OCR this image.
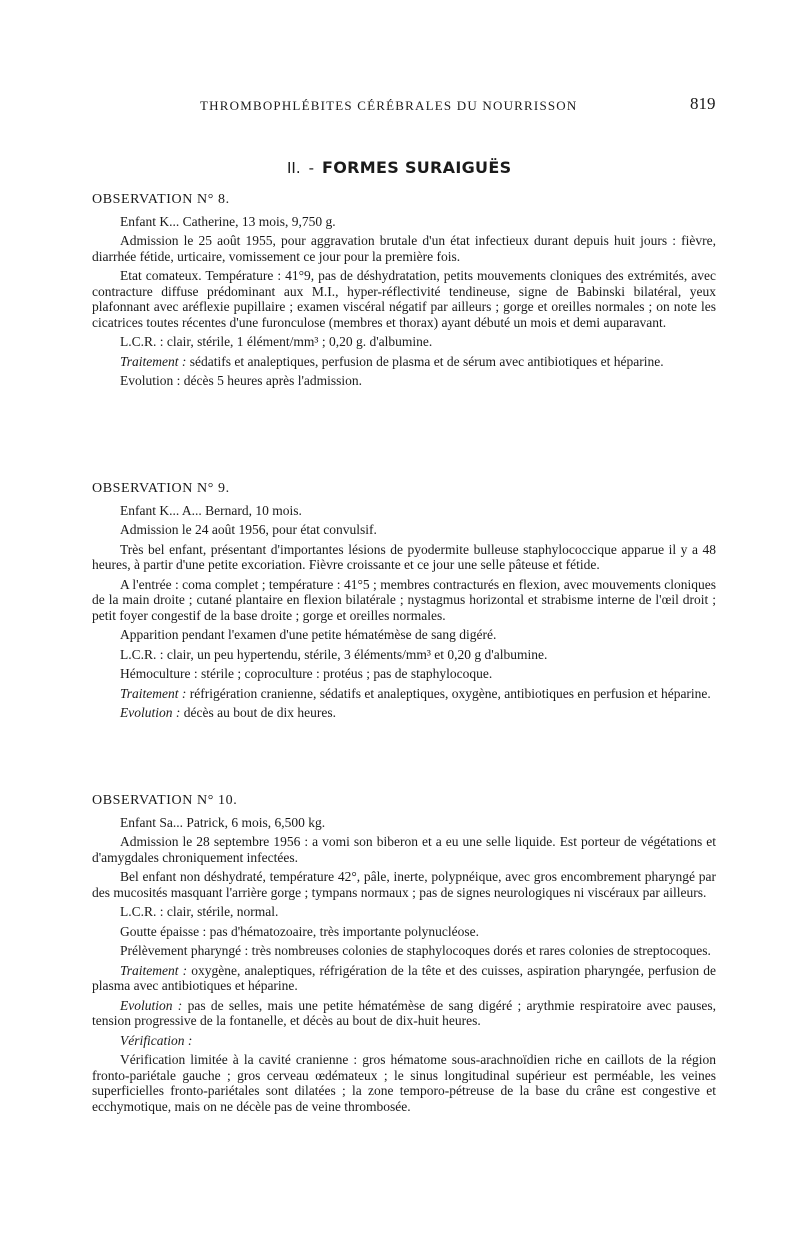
THROMBOPHLÉBITES CÉRÉBRALES DU NOURRISSON	819
II. - FORMES SURAIGUËS
OBSERVATION N° 8.

Enfant K... Catherine, 13 mois, 9,750 g.

Admission le 25 août 1955, pour aggravation brutale d'un état infectieux durant depuis huit jours : fièvre, diarrhée fétide, urticaire, vomissement ce jour pour la première fois.

Etat comateux. Température : 41°9, pas de déshydratation, petits mouvements cloniques des extrémités, avec contracture diffuse prédominant aux M.I., hyper-réflectivité tendineuse, signe de Babinski bilatéral, yeux plafonnant avec aréflexie pupillaire ; examen viscéral négatif par ailleurs ; gorge et oreilles normales ; on note les cicatrices toutes récentes d'une furonculose (membres et thorax) ayant débuté un mois et demi auparavant.

L.C.R. : clair, stérile, 1 élément/mm³ ; 0,20 g. d'albumine.

Traitement : sédatifs et analeptiques, perfusion de plasma et de sérum avec antibiotiques et héparine.

Evolution : décès 5 heures après l'admission.

OBSERVATION N° 9.

Enfant K... A... Bernard, 10 mois.

Admission le 24 août 1956, pour état convulsif.

Très bel enfant, présentant d'importantes lésions de pyodermite bulleuse staphylococcique apparue il y a 48 heures, à partir d'une petite excoriation. Fièvre croissante et ce jour une selle pâteuse et fétide.

A l'entrée : coma complet ; température : 41°5 ; membres contracturés en flexion, avec mouvements cloniques de la main droite ; cutané plantaire en flexion bilatérale ; nystagmus horizontal et strabisme interne de l'œil droit ; petit foyer congestif de la base droite ; gorge et oreilles normales.

Apparition pendant l'examen d'une petite hématémèse de sang digéré.

L.C.R. : clair, un peu hypertendu, stérile, 3 éléments/mm³ et 0,20 g d'albumine.

Hémoculture : stérile ; coproculture : protéus ; pas de staphylocoque.

Traitement : réfrigération cranienne, sédatifs et analeptiques, oxygène, antibiotiques en perfusion et héparine.

Evolution : décès au bout de dix heures.

OBSERVATION N° 10.

Enfant Sa... Patrick, 6 mois, 6,500 kg.

Admission le 28 septembre 1956 : a vomi son biberon et a eu une selle liquide. Est porteur de végétations et d'amygdales chroniquement infectées.

Bel enfant non déshydraté, température 42°, pâle, inerte, polypnéique, avec gros encombrement pharyngé par des mucosités masquant l'arrière gorge ; tympans normaux ; pas de signes neurologiques ni viscéraux par ailleurs.

L.C.R. : clair, stérile, normal.

Goutte épaisse : pas d'hématozoaire, très importante polynucléose.

Prélèvement pharyngé : très nombreuses colonies de staphylocoques dorés et rares colonies de streptocoques.

Traitement : oxygène, analeptiques, réfrigération de la tête et des cuisses, aspiration pharyngée, perfusion de plasma avec antibiotiques et héparine.

Evolution : pas de selles, mais une petite hématémèse de sang digéré ; arythmie respiratoire avec pauses, tension progressive de la fontanelle, et décès au bout de dix-huit heures.

Vérification :

Vérification limitée à la cavité cranienne : gros hématome sous-arachnoïdien riche en caillots de la région fronto-pariétale gauche ; gros cerveau œdémateux ; le sinus longitudinal supérieur est perméable, les veines superficielles fronto-pariétales sont dilatées ; la zone temporo-pétreuse de la base du crâne est congestive et ecchymotique, mais on ne décèle pas de veine thrombosée.
